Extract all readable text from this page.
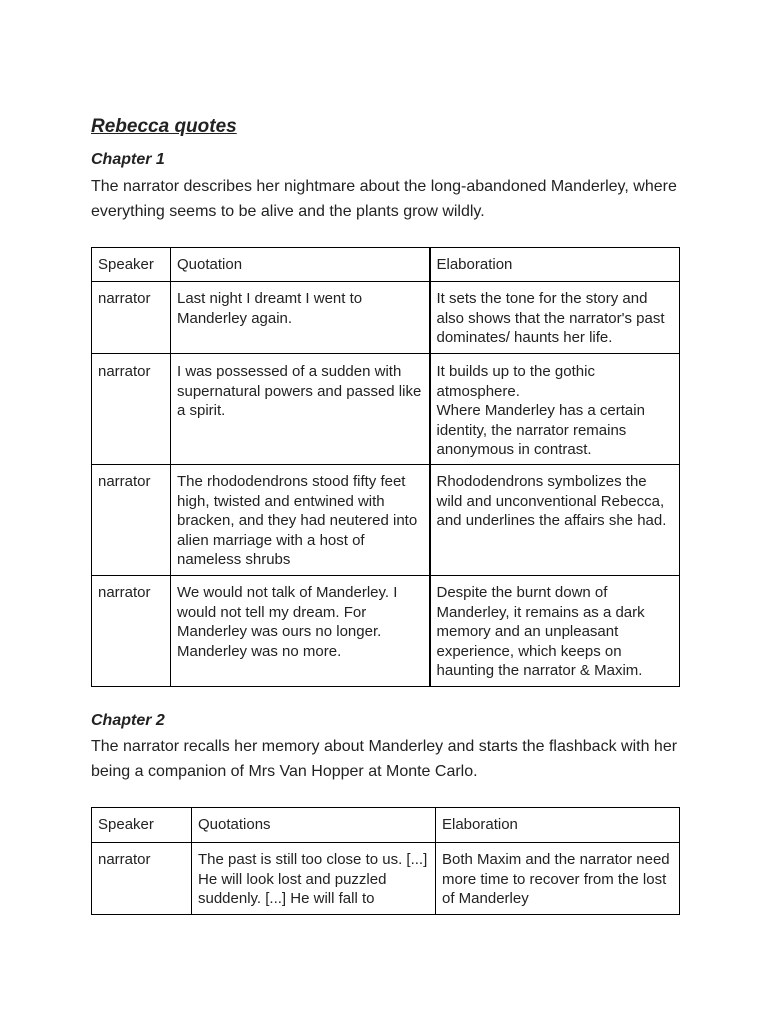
Rebecca quotes
Chapter 1
The narrator describes her nightmare about the long-abandoned Manderley, where everything seems to be alive and the plants grow wildly.
Speaker	Quotation	Elaboration
narrator	Last night I dreamt I went to Manderley again.	It sets the tone for the story and also shows that the narrator's past dominates/ haunts her life.
narrator	I was possessed of a sudden with supernatural powers and passed like a spirit.	It builds up to the gothic atmosphere.
Where Manderley has a certain identity, the narrator remains anonymous in contrast.
narrator	The rhododendrons stood fifty feet high, twisted and entwined with bracken, and they had neutered into alien marriage with a host of nameless shrubs	Rhododendrons symbolizes the wild and unconventional Rebecca, and underlines the affairs she had.
narrator	We would not talk of Manderley. I would not tell my dream. For Manderley was ours no longer. Manderley was no more.	Despite the burnt down of Manderley, it remains as a dark memory and an unpleasant experience, which keeps on haunting the narrator & Maxim.
Chapter 2
The narrator recalls her memory about Manderley and starts the flashback with her being a companion of Mrs Van Hopper at Monte Carlo.
Speaker	Quotations	Elaboration
narrator	The past is still too close to us. [...] He will look lost and puzzled suddenly. [...] He will fall to	Both Maxim and the narrator need more time to recover from the lost of Manderley
